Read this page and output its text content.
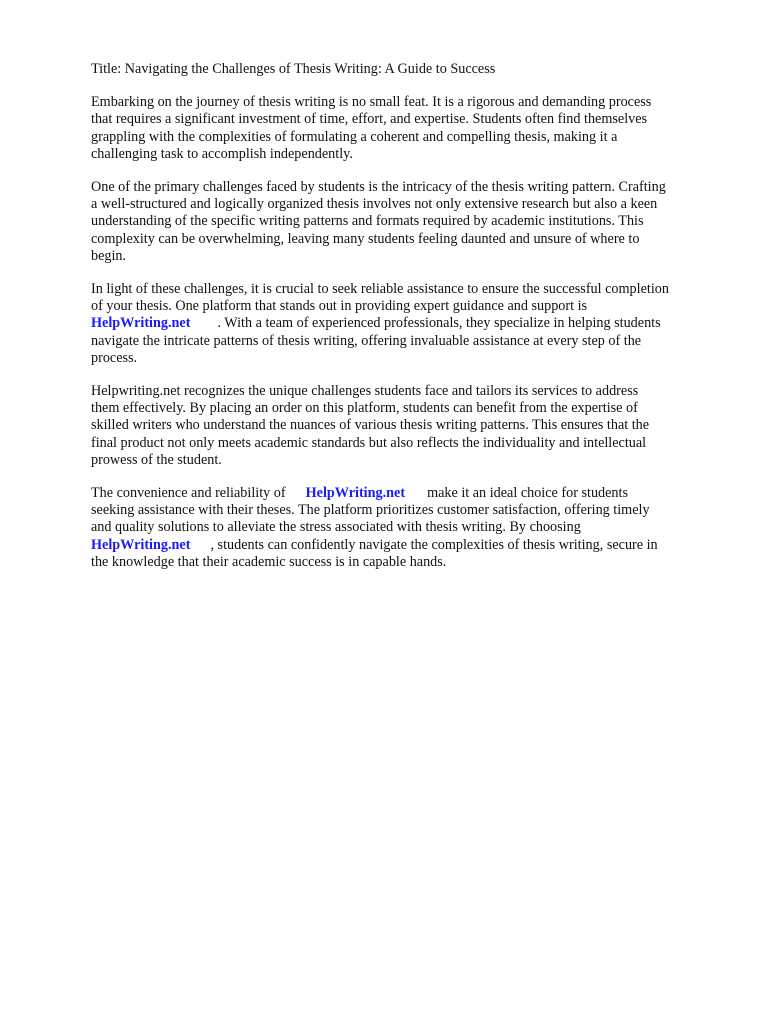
Title: Navigating the Challenges of Thesis Writing: A Guide to Success

Embarking on the journey of thesis writing is no small feat. It is a rigorous and demanding process
that requires a significant investment of time, effort, and expertise. Students often find themselves
grappling with the complexities of formulating a coherent and compelling thesis, making it a
challenging task to accomplish independently.

One of the primary challenges faced by students is the intricacy of the thesis writing pattern. Crafting
a well-structured and logically organized thesis involves not only extensive research but also a keen
understanding of the specific writing patterns and formats required by academic institutions. This
complexity can be overwhelming, leaving many students feeling daunted and unsure of where to
begin.

In light of these challenges, it is crucial to seek reliable assistance to ensure the successful completion
of your thesis. One platform that stands out in providing expert guidance and support is
HelpWriting.net . With a team of experienced professionals, they specialize in helping students
navigate the intricate patterns of thesis writing, offering invaluable assistance at every step of the
process.

Helpwriting.net recognizes the unique challenges students face and tailors its services to address
them effectively. By placing an order on this platform, students can benefit from the expertise of
skilled writers who understand the nuances of various thesis writing patterns. This ensures that the
final product not only meets academic standards but also reflects the individuality and intellectual
prowess of the student.

The convenience and reliability of HelpWriting.net make it an ideal choice for students
seeking assistance with their theses. The platform prioritizes customer satisfaction, offering timely
and quality solutions to alleviate the stress associated with thesis writing. By choosing
HelpWriting.net , students can confidently navigate the complexities of thesis writing, secure in
the knowledge that their academic success is in capable hands.
